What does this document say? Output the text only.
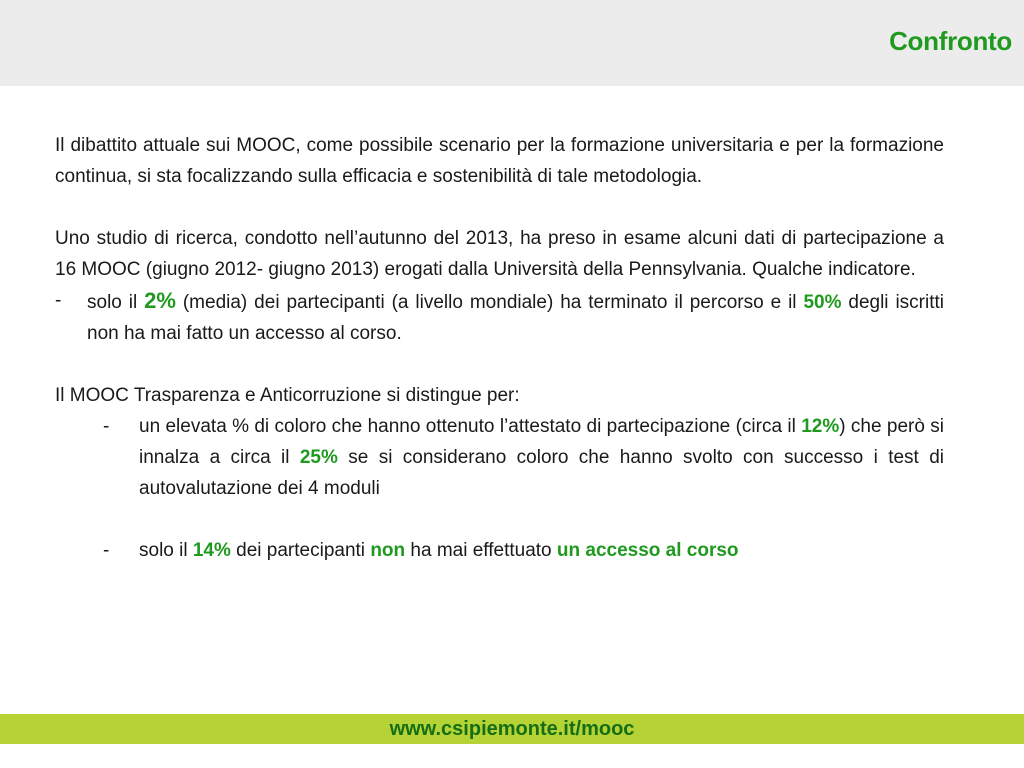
Confronto

Il dibattito attuale sui MOOC, come possibile scenario per la formazione universitaria e per la formazione continua, si sta focalizzando sulla efficacia e sostenibilità di tale metodologia.

Uno studio di ricerca, condotto nell’autunno del 2013, ha preso in esame alcuni dati di partecipazione a 16 MOOC (giugno 2012- giugno 2013) erogati dalla Università della Pennsylvania. Qualche indicatore.

- solo il 2% (media) dei partecipanti (a livello mondiale) ha terminato il percorso e il 50% degli iscritti non ha mai fatto un accesso al corso.

Il MOOC Trasparenza e Anticorruzione si distingue per:

- un elevata % di coloro che hanno ottenuto l’attestato di partecipazione (circa il 12%) che però si innalza a circa il 25% se si considerano coloro che hanno svolto con successo i test di autovalutazione dei 4 moduli
- solo il 14% dei partecipanti non ha mai effettuato un accesso al corso
www.csipiemonte.it/mooc
